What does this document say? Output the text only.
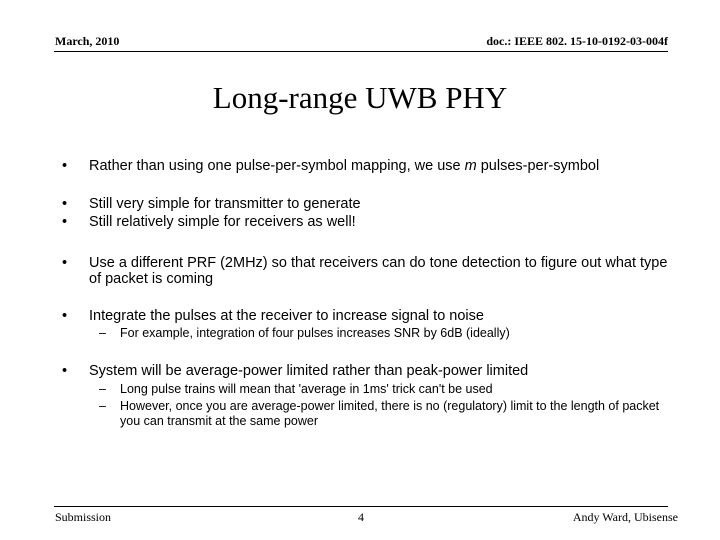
March, 2010	doc.: IEEE 802. 15-10-0192-03-004f
Long-range UWB PHY
• Rather than using one pulse-per-symbol mapping, we use m pulses-per-symbol
• Still very simple for transmitter to generate
• Still relatively simple for receivers as well!
• Use a different PRF (2MHz) so that receivers can do tone detection to figure out what type of packet is coming
• Integrate the pulses at the receiver to increase signal to noise
– For example, integration of four pulses increases SNR by 6dB (ideally)
• System will be average-power limited rather than peak-power limited
– Long pulse trains will mean that 'average in 1ms' trick can't be used
– However, once you are average-power limited, there is no (regulatory) limit to the length of packet you can transmit at the same power
Submission	4	Andy Ward, Ubisense
